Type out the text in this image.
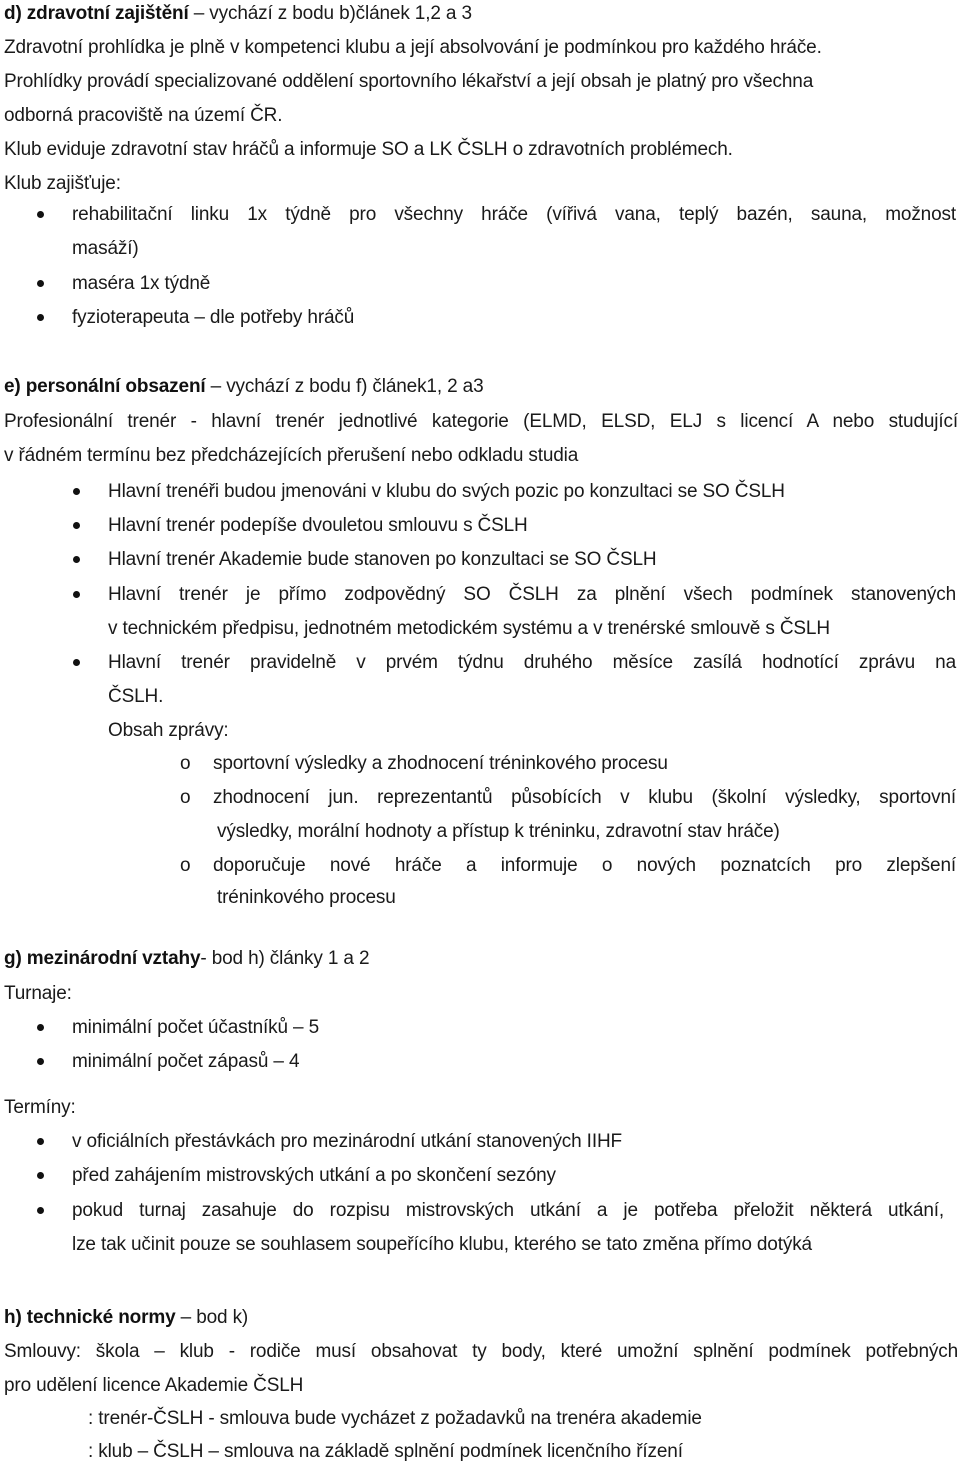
d) zdravotní zajištění – vychází z bodu b)článek 1,2 a 3
Zdravotní prohlídka je plně v kompetenci klubu a její absolvování je podmínkou pro každého hráče.
Prohlídky provádí specializované oddělení sportovního lékařství a její obsah je platný pro všechna
odborná pracoviště na území ČR.
Klub eviduje zdravotní stav hráčů a informuje SO a LK ČSLH o zdravotních problémech.
Klub zajišťuje:
rehabilitační linku 1x týdně pro všechny hráče (vířivá vana, teplý bazén, sauna, možnost
masáží)
maséra 1x týdně
fyzioterapeuta – dle potřeby hráčů
e) personální obsazení – vychází z bodu f) článek1, 2 a3
Profesionální trenér - hlavní trenér jednotlivé kategorie (ELMD, ELSD, ELJ s licencí A nebo studující
v řádném termínu bez předcházejících přerušení nebo odkladu studia
Hlavní trenéři budou jmenováni v klubu do svých pozic po konzultaci se SO ČSLH
Hlavní trenér podepíše dvouletou smlouvu s ČSLH
Hlavní trenér Akademie bude stanoven po konzultaci se SO ČSLH
Hlavní trenér je přímo zodpovědný SO ČSLH za plnění všech podmínek stanovených
v technickém předpisu, jednotném metodickém systému a v trenérské smlouvě s ČSLH
Hlavní trenér pravidelně v prvém týdnu druhého měsíce zasílá hodnotící zprávu na
ČSLH.
Obsah zprávy:
o sportovní výsledky a zhodnocení tréninkového procesu
o zhodnocení jun. reprezentantů působících v klubu (školní výsledky, sportovní
výsledky, morální hodnoty a přístup k tréninku, zdravotní stav hráče)
o doporučuje nové hráče a informuje o nových poznatcích pro zlepšení
tréninkového procesu
g) mezinárodní vztahy- bod h) články 1 a 2
Turnaje:
minimální počet účastníků – 5
minimální počet zápasů – 4
Termíny:
v oficiálních přestávkách pro mezinárodní utkání stanovených IIHF
před zahájením mistrovských utkání a po skončení sezóny
pokud turnaj zasahuje do rozpisu mistrovských utkání a je potřeba přeložit některá utkání,
lze tak učinit pouze se souhlasem soupeřícího klubu, kterého se tato změna přímo dotýká
h) technické normy – bod k)
Smlouvy: škola – klub - rodiče musí obsahovat ty body, které umožní splnění podmínek potřebných
pro udělení licence Akademie ČSLH
: trenér-ČSLH - smlouva bude vycházet z požadavků na trenéra akademie
: klub – ČSLH – smlouva na základě splnění podmínek licenčního řízení
